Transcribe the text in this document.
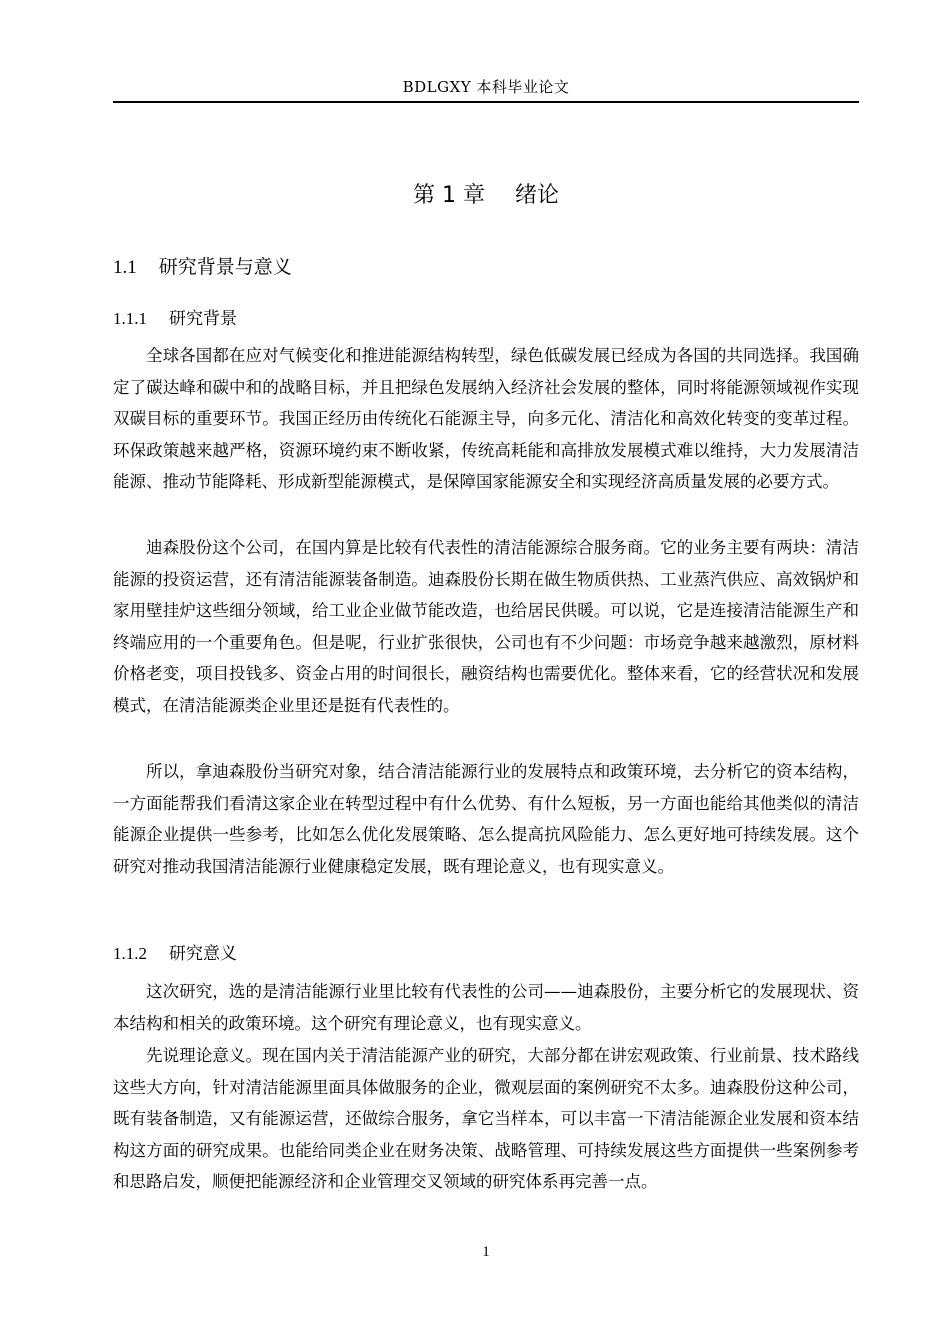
BDLGXY 本科毕业论文
第 1 章 绪论
1.1 研究背景与意义
1.1.1 研究背景

全球各国都在应对气候变化和推进能源结构转型，绿色低碳发展已经成为各国的共同选择。我国确定了碳达峰和碳中和的战略目标，并且把绿色发展纳入经济社会发展的整体，同时将能源领域视作实现双碳目标的重要环节。我国正经历由传统化石能源主导，向多元化、清洁化和高效化转变的变革过程。环保政策越来越严格，资源环境约束不断收紧，传统高耗能和高排放发展模式难以维持，大力发展清洁能源、推动节能降耗、形成新型能源模式，是保障国家能源安全和实现经济高质量发展的必要方式。

迪森股份这个公司，在国内算是比较有代表性的清洁能源综合服务商。它的业务主要有两块：清洁能源的投资运营，还有清洁能源装备制造。迪森股份长期在做生物质供热、工业蒸汽供应、高效锅炉和家用壁挂炉这些细分领域，给工业企业做节能改造，也给居民供暖。可以说，它是连接清洁能源生产和终端应用的一个重要角色。但是呢，行业扩张很快，公司也有不少问题：市场竞争越来越激烈，原材料价格老变，项目投钱多、资金占用的时间很长，融资结构也需要优化。整体来看，它的经营状况和发展模式，在清洁能源类企业里还是挺有代表性的。

所以，拿迪森股份当研究对象，结合清洁能源行业的发展特点和政策环境，去分析它的资本结构，一方面能帮我们看清这家企业在转型过程中有什么优势、有什么短板，另一方面也能给其他类似的清洁能源企业提供一些参考，比如怎么优化发展策略、怎么提高抗风险能力、怎么更好地可持续发展。这个研究对推动我国清洁能源行业健康稳定发展，既有理论意义，也有现实意义。

1.1.2 研究意义

这次研究，选的是清洁能源行业里比较有代表性的公司——迪森股份，主要分析它的发展现状、资本结构和相关的政策环境。这个研究有理论意义，也有现实意义。

先说理论意义。现在国内关于清洁能源产业的研究，大部分都在讲宏观政策、行业前景、技术路线这些大方向，针对清洁能源里面具体做服务的企业，微观层面的案例研究不太多。迪森股份这种公司，既有装备制造，又有能源运营，还做综合服务，拿它当样本，可以丰富一下清洁能源企业发展和资本结构这方面的研究成果。也能给同类企业在财务决策、战略管理、可持续发展这些方面提供一些案例参考和思路启发，顺便把能源经济和企业管理交叉领域的研究体系再完善一点。

1
